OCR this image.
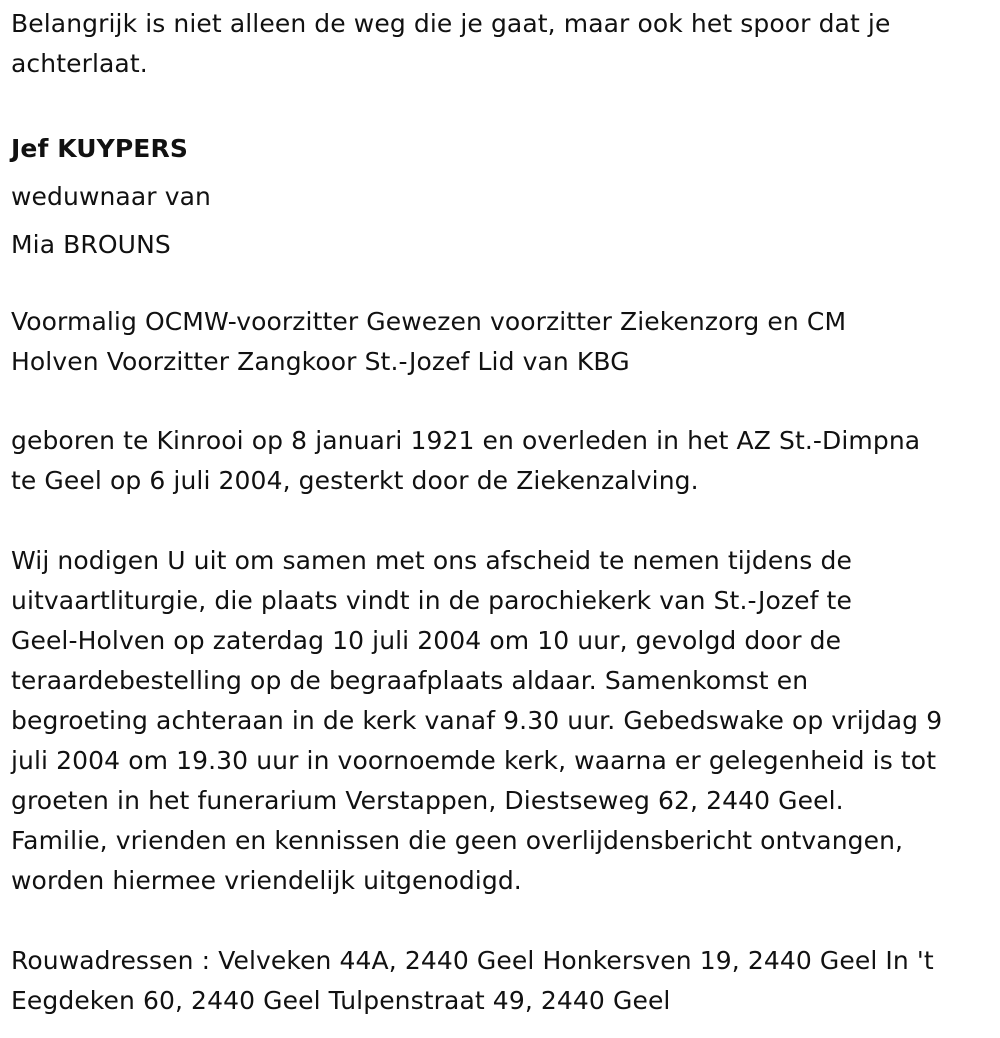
Belangrijk is niet alleen de weg die je gaat, maar ook het spoor dat je
achterlaat.

Jef KUYPERS
weduwnaar van
Mia BROUNS

Voormalig OCMW-voorzitter Gewezen voorzitter Ziekenzorg en CM
Holven Voorzitter Zangkoor St.-Jozef Lid van KBG

geboren te Kinrooi op 8 januari 1921 en overleden in het AZ St.-Dimpna
te Geel op 6 juli 2004, gesterkt door de Ziekenzalving.

Wij nodigen U uit om samen met ons afscheid te nemen tijdens de
uitvaartliturgie, die plaats vindt in de parochiekerk van St.-Jozef te
Geel-Holven op zaterdag 10 juli 2004 om 10 uur, gevolgd door de
teraardebestelling op de begraafplaats aldaar. Samenkomst en
begroeting achteraan in de kerk vanaf 9.30 uur. Gebedswake op vrijdag 9
juli 2004 om 19.30 uur in voornoemde kerk, waarna er gelegenheid is tot
groeten in het funerarium Verstappen, Diestseweg 62, 2440 Geel.
Familie, vrienden en kennissen die geen overlijdensbericht ontvangen,
worden hiermee vriendelijk uitgenodigd.

Rouwadressen : Velveken 44A, 2440 Geel Honkersven 19, 2440 Geel In 't
Eegdeken 60, 2440 Geel Tulpenstraat 49, 2440 Geel
